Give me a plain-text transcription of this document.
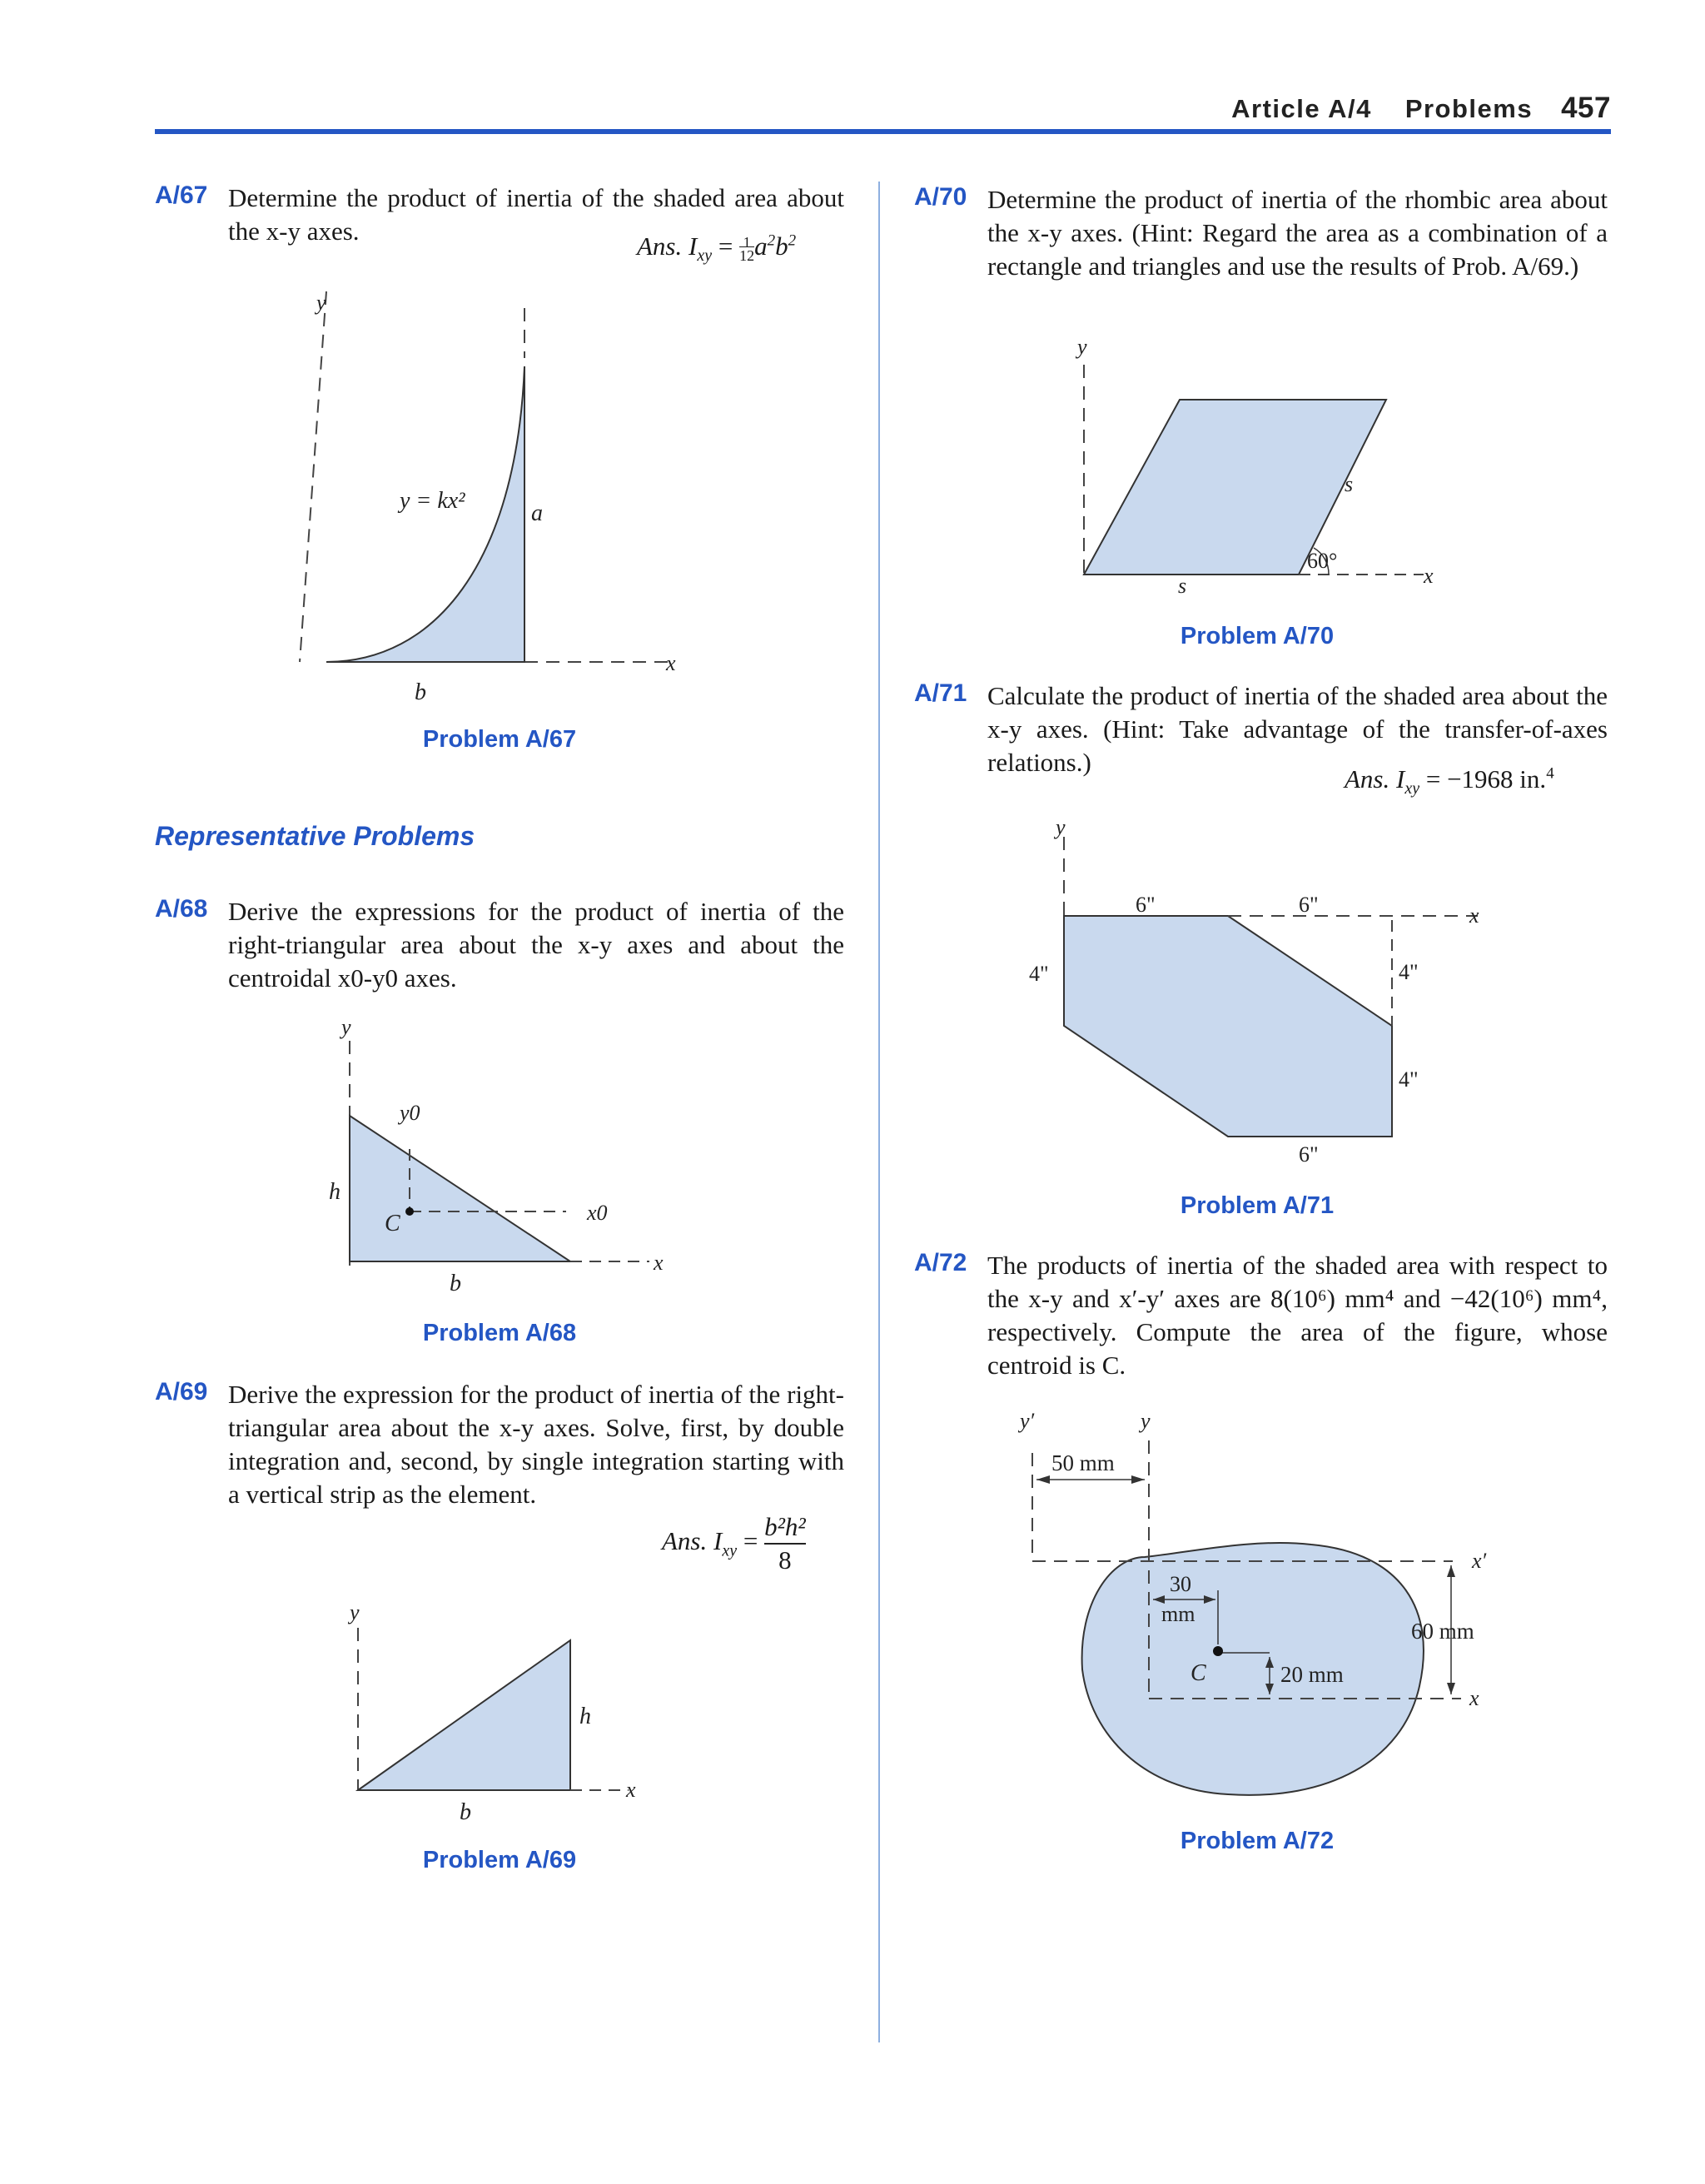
Article A/4 Problems 457
A/67 Determine the product of inertia of the shaded area about the x-y axes.
Ans. $I_{xy} = 1$
$12a^2b^2$
y
y = kx²	a
b
x
Problem A/67
Representative Problems
A/68 Derive the expressions for the product of inertia of the right-triangular area about the x-y axes and about the centroidal x0-y0 axes.
y
y0
h
C	x0
b
x
Problem A/68
A/69 Derive the expression for the product of inertia of the right-triangular area about the x-y axes. Solve, first, by double integration and, second, by single integration starting with a vertical strip as the element.
Ans. $I_{xy} = b^2h^2$

8
y
h
b
x
Problem A/69
A/70 Determine the product of inertia of the rhombic area about the x-y axes. (Hint: Regard the area as a combination of a rectangle and triangles and use the results of Prob. A/69.)
y
s
60°
s	x
Problem A/70
A/71 Calculate the product of inertia of the shaded area about the x-y axes. (Hint: Take advantage of the transfer-of-axes relations.)
Ans. $I_{xy} = -1968$ in.$^4$
y
6"	6"
4"	4"
4"
6"
x
Problem A/71
A/72 The products of inertia of the shaded area with respect to the x-y and x′-y′ axes are 8(10⁶) mm⁴ and −42(10⁶) mm⁴, respectively. Compute the area of the figure, whose centroid is C.
y′	y
50 mm
30
mm
C	20 mm
60 mm
x′
x
Problem A/72
